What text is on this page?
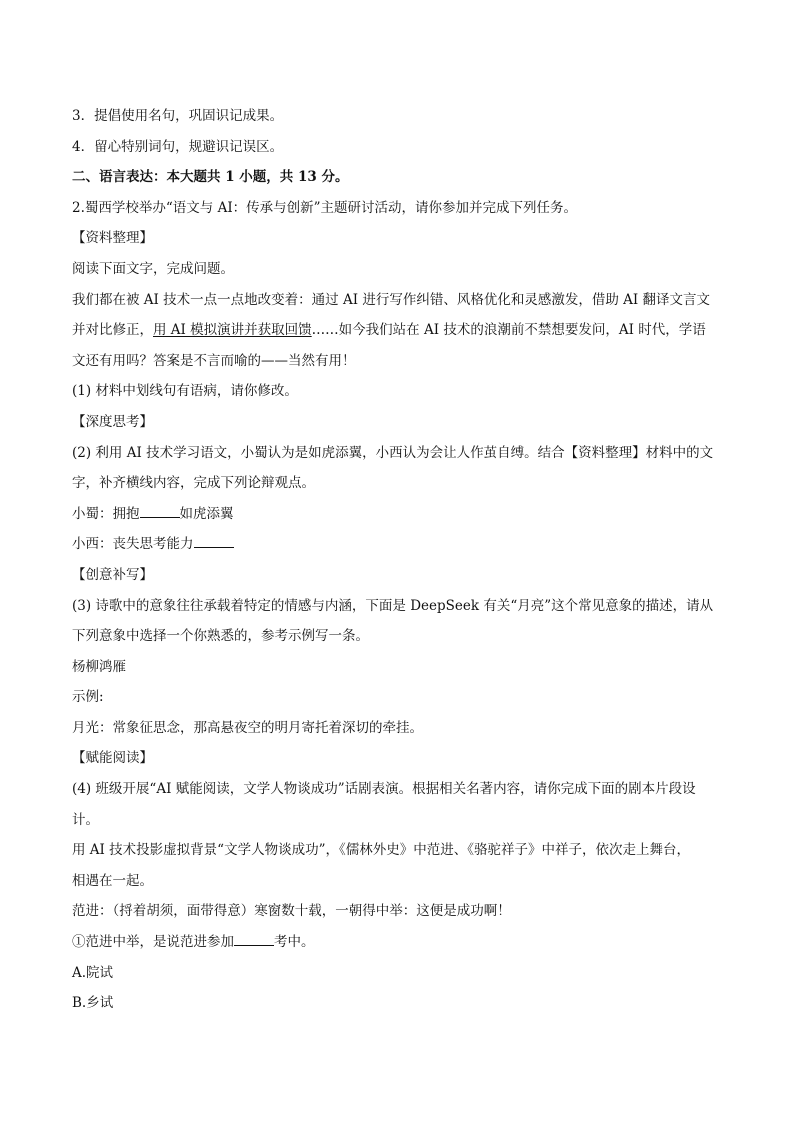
3．提倡使用名句，巩固识记成果。
4．留心特别词句，规避识记误区。
二、语言表达：本大题共 1 小题，共 13 分。
2.蜀西学校举办“语文与 AI：传承与创新”主题研讨活动，请你参加并完成下列任务。
【资料整理】
阅读下面文字，完成问题。
我们都在被 AI 技术一点一点地改变着：通过 AI 进行写作纠错、风格优化和灵感激发，借助 AI 翻译文言文
并对比修正，用 AI 模拟演讲并获取回馈……如今我们站在 AI 技术的浪潮前不禁想要发问，AI 时代，学语
文还有用吗？答案是不言而喻的——当然有用！
(1) 材料中划线句有语病，请你修改。
【深度思考】
(2) 利用 AI 技术学习语文，小蜀认为是如虎添翼，小西认为会让人作茧自缚。结合【资料整理】材料中的文
字，补齐横线内容，完成下列论辩观点。
小蜀：拥抱	如虎添翼
小西：丧失思考能力
【创意补写】
(3) 诗歌中的意象往往承载着特定的情感与内涵，下面是 DeepSeek 有关“月亮”这个常见意象的描述，请从
下列意象中选择一个你熟悉的，参考示例写一条。
杨柳鸿雁
示例:
月光：常象征思念，那高悬夜空的明月寄托着深切的牵挂。
【赋能阅读】
(4) 班级开展“AI 赋能阅读，文学人物谈成功”话剧表演。根据相关名著内容，请你完成下面的剧本片段设
计。
用 AI 技术投影虚拟背景“文学人物谈成功”，《儒林外史》中范进、《骆驼祥子》中祥子，依次走上舞台，
相遇在一起。
范进：（捋着胡须，面带得意）寒窗数十载，一朝得中举：这便是成功啊！
①范进中举，是说范进参加	考中。
A.院试
B.乡试
